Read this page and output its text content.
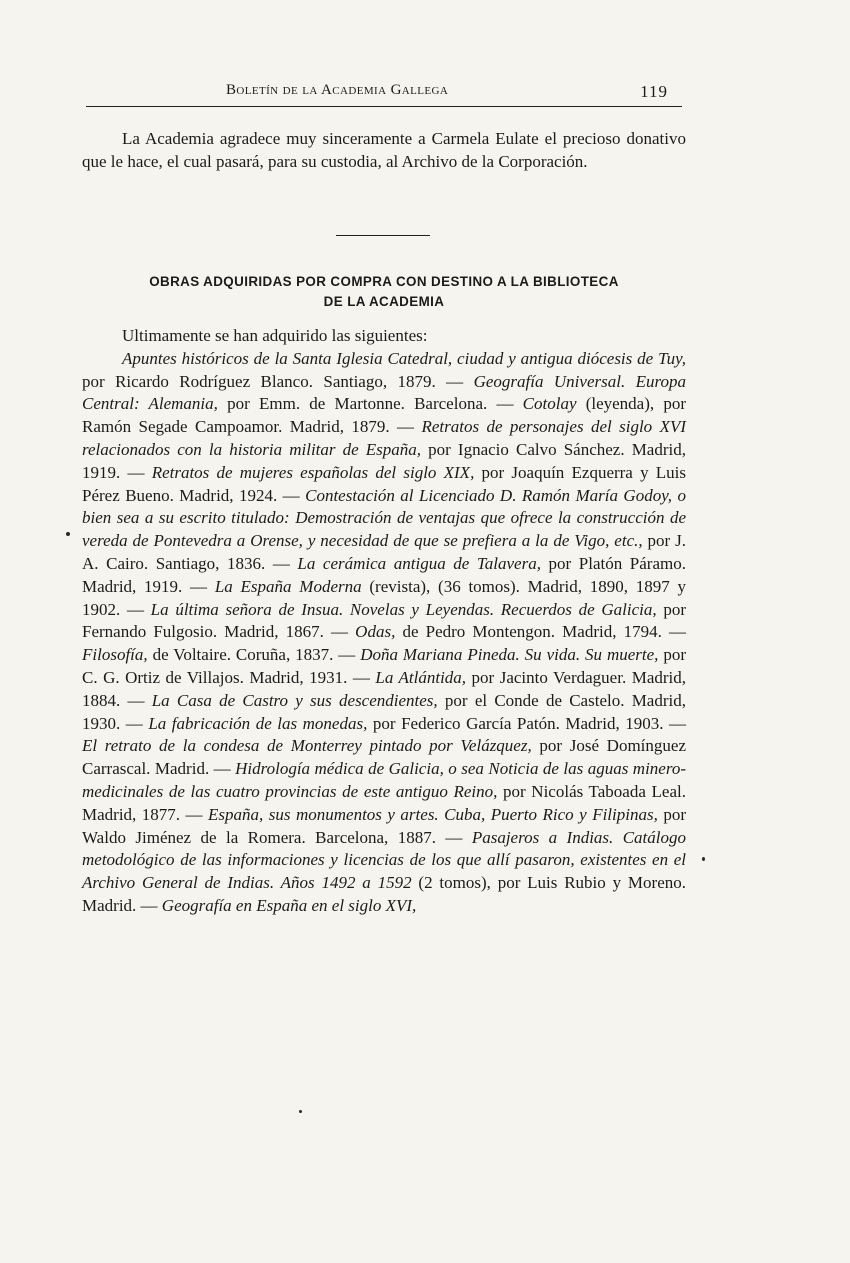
Boletín de la Academia Gallega	119

La Academia agradece muy sinceramente a Carmela Eulate el precioso donativo que le hace, el cual pasará, para su custodia, al Archivo de la Corporación.

OBRAS ADQUIRIDAS POR COMPRA CON DESTINO A LA BIBLIOTECA
DE LA ACADEMIA

Ultimamente se han adquirido las siguientes:

Apuntes históricos de la Santa Iglesia Catedral, ciudad y antigua diócesis de Tuy, por Ricardo Rodríguez Blanco. Santiago, 1879. — Geografía Universal. Europa Central: Alemania, por Emm. de Martonne. Barcelona. — Cotolay (leyenda), por Ramón Segade Campoamor. Madrid, 1879. — Retratos de personajes del siglo XVI relacionados con la historia militar de España, por Ignacio Calvo Sánchez. Madrid, 1919. — Retratos de mujeres españolas del siglo XIX, por Joaquín Ezquerra y Luis Pérez Bueno. Madrid, 1924. — Contestación al Licenciado D. Ramón María Godoy, o bien sea a su escrito titulado: Demostración de ventajas que ofrece la construcción de vereda de Pontevedra a Orense, y necesidad de que se prefiera a la de Vigo, etc., por J. A. Cairo. Santiago, 1836. — La cerámica antigua de Talavera, por Platón Páramo. Madrid, 1919. — La España Moderna (revista), (36 tomos). Madrid, 1890, 1897 y 1902. — La última señora de Insua. Novelas y Leyendas. Recuerdos de Galicia, por Fernando Fulgosio. Madrid, 1867. — Odas, de Pedro Montengon. Madrid, 1794. — Filosofía, de Voltaire. Coruña, 1837. — Doña Mariana Pineda. Su vida. Su muerte, por C. G. Ortiz de Villajos. Madrid, 1931. — La Atlántida, por Jacinto Verdaguer. Madrid, 1884. — La Casa de Castro y sus descendientes, por el Conde de Castelo. Madrid, 1930. — La fabricación de las monedas, por Federico García Patón. Madrid, 1903. — El retrato de la condesa de Monterrey pintado por Velázquez, por José Domínguez Carrascal. Madrid. — Hidrología médica de Galicia, o sea Noticia de las aguas minero-medicinales de las cuatro provincias de este antiguo Reino, por Nicolás Taboada Leal. Madrid, 1877. — España, sus monumentos y artes. Cuba, Puerto Rico y Filipinas, por Waldo Jiménez de la Romera. Barcelona, 1887. — Pasajeros a Indias. Catálogo metodológico de las informaciones y licencias de los que allí pasaron, existentes en el Archivo General de Indias. Años 1492 a 1592 (2 tomos), por Luis Rubio y Moreno. Madrid. — Geografía en España en el siglo XVI,
